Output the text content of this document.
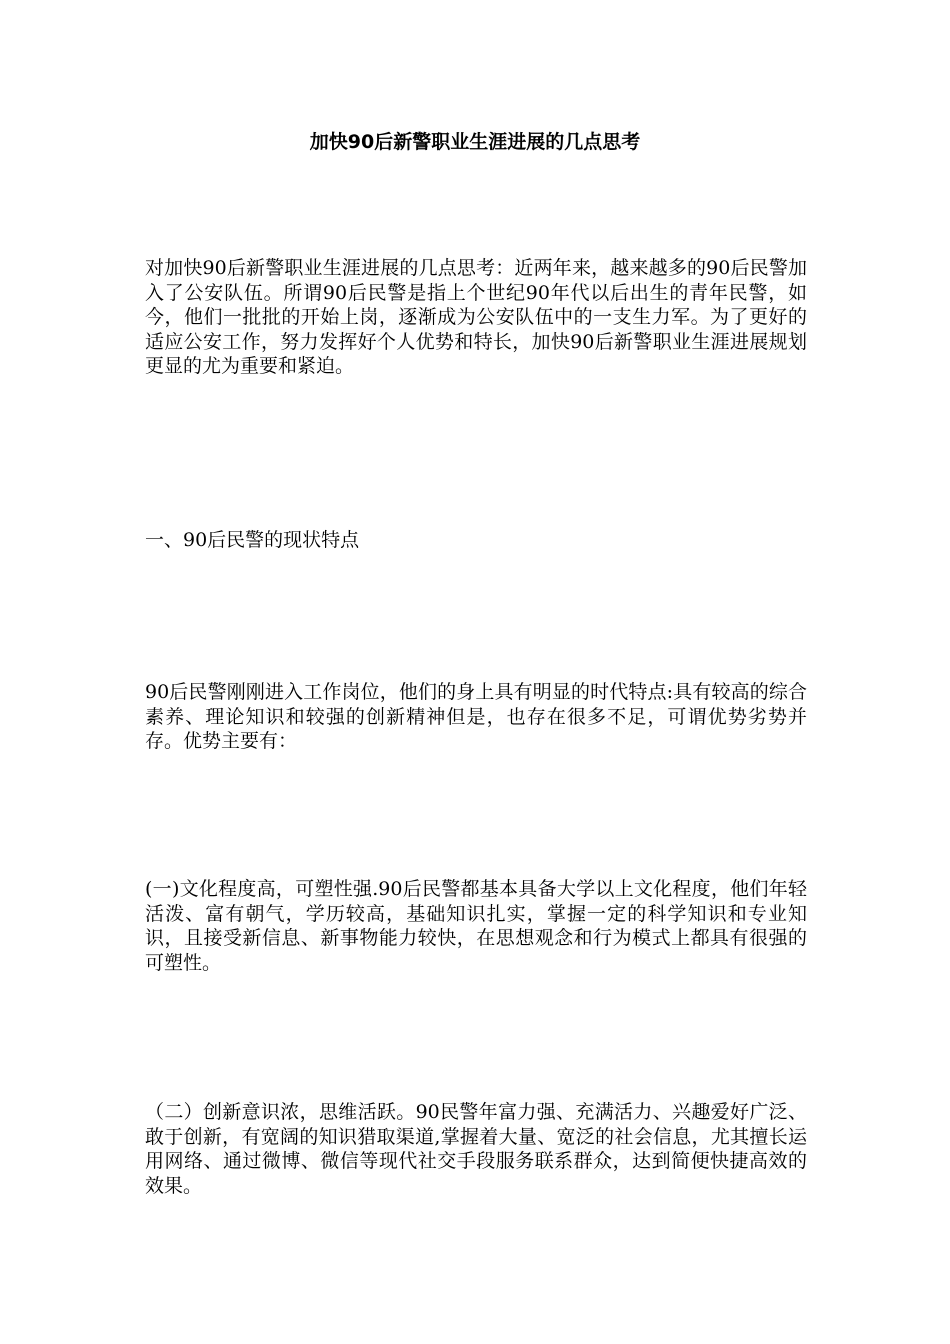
加快90后新警职业生涯进展的几点思考

对加快90后新警职业生涯进展的几点思考：近两年来，越来越多的90后民警加入了公安队伍。所谓90后民警是指上个世纪90年代以后出生的青年民警，如今，他们一批批的开始上岗，逐渐成为公安队伍中的一支生力军。为了更好的适应公安工作，努力发挥好个人优势和特长，加快90后新警职业生涯进展规划更显的尤为重要和紧迫。

一、90后民警的现状特点

90后民警刚刚进入工作岗位，他们的身上具有明显的时代特点:具有较高的综合素养、理论知识和较强的创新精神但是，也存在很多不足，可谓优势劣势并存。优势主要有：

(一)文化程度高，可塑性强.90后民警都基本具备大学以上文化程度，他们年轻活泼、富有朝气，学历较高，基础知识扎实，掌握一定的科学知识和专业知识，且接受新信息、新事物能力较快，在思想观念和行为模式上都具有很强的可塑性。

（二）创新意识浓，思维活跃。90民警年富力强、充满活力、兴趣爱好广泛、敢于创新，有宽阔的知识猎取渠道,掌握着大量、宽泛的社会信息，尤其擅长运用网络、通过微博、微信等现代社交手段服务联系群众，达到简便快捷高效的效果。
